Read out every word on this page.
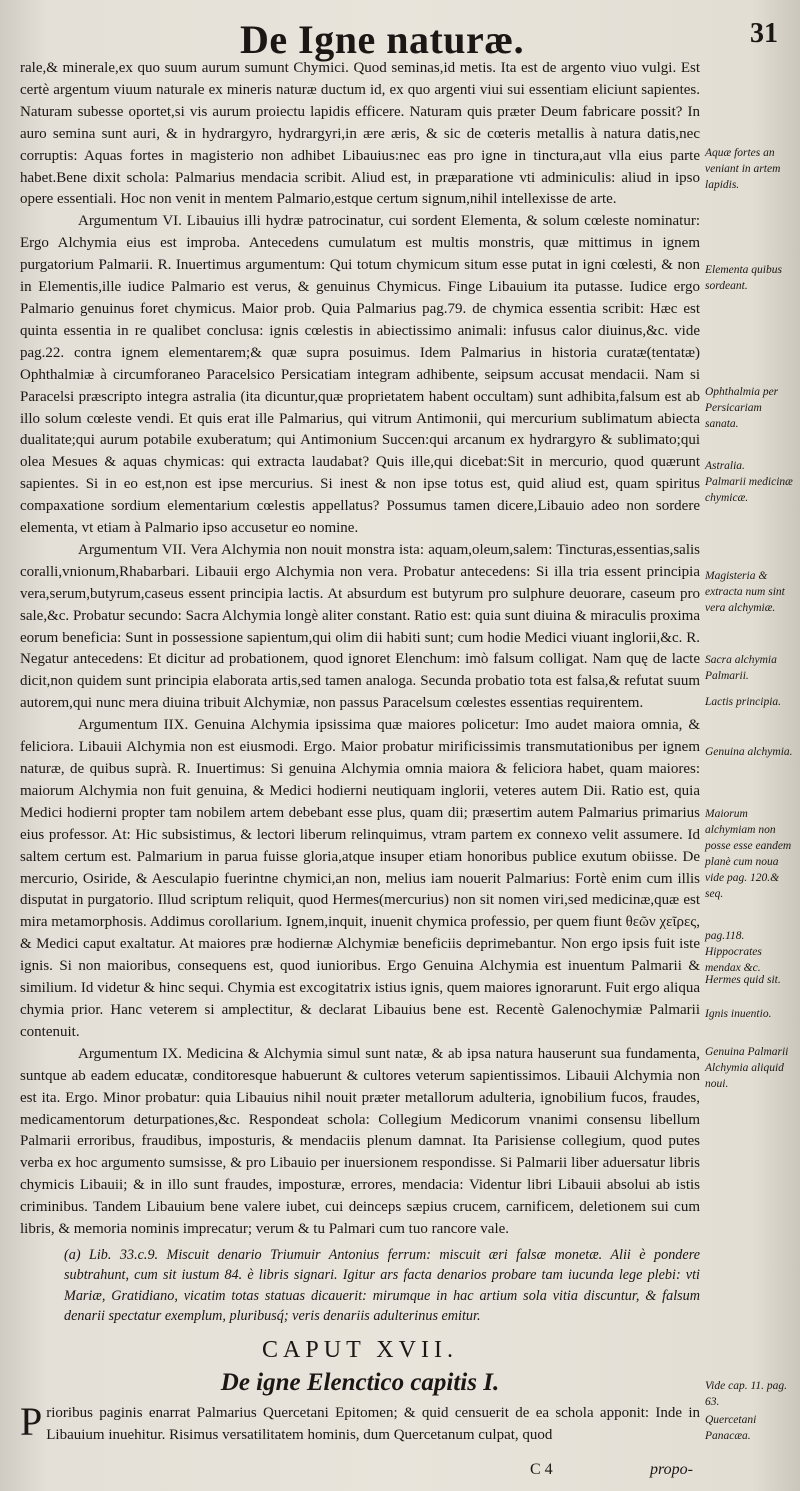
De Igne naturæ.	31

rale,& minerale,ex quo suum aurum sumunt Chymici. Quod seminas,id metis. Ita est de argento viuo vulgi. Est certè argentum viuum naturale ex mineris naturæ ductum id, ex quo argenti viui sui essentiam eliciunt sapientes. Naturam subesse oportet,si vis aurum proiectu lapidis efficere. Naturam quis præter Deum fabricare possit? In auro semina sunt auri, & in hydrargyro, hydrargyri,in ære æris, & sic de cœteris metallis à natura datis,nec corruptis: Aquas fortes in magisterio non adhibet Libauius:nec eas pro igne in tinctura,aut vlla eius parte habet.Bene dixit schola: Palmarius mendacia scribit. Aliud est, in præparatione vti adminiculis: aliud in ipso opere essentiali. Hoc non venit in mentem Palmario,estque certum signum,nihil intellexisse de arte.

Argumentum VI. Libauius illi hydræ patrocinatur, cui sordent Elementa, & solum cœleste nominatur: Ergo Alchymia eius est improba. Antecedens cumulatum est multis monstris, quæ mittimus in ignem purgatorium Palmarii. R. Inuertimus argumentum: Qui totum chymicum situm esse putat in igni cœlesti, & non in Elementis,ille iudice Palmario est verus, & genuinus Chymicus. Finge Libauium ita putasse. Iudice ergo Palmario genuinus foret chymicus. Maior prob. Quia Palmarius pag.79. de chymica essentia scribit: Hæc est quinta essentia in re qualibet conclusa: ignis cœlestis in abiectissimo animali: infusus calor diuinus,&c. vide pag.22. contra ignem elementarem;& quæ supra posuimus. Idem Palmarius in historia curatæ(tentatæ) Ophthalmiæ à circumforaneo Paracelsico Persicatiam integram adhibente, seipsum accusat mendacii. Nam si Paracelsi præscripto integra astralia (ita dicuntur,quæ proprietatem habent occultam) sunt adhibita,falsum est ab illo solum cœleste vendi. Et quis erat ille Palmarius, qui vitrum Antimonii, qui mercurium sublimatum abiecta dualitate;qui aurum potabile exuberatum; qui Antimonium Succen:qui arcanum ex hydrargyro & sublimato;qui olea Mesues & aquas chymicas: qui extracta laudabat? Quis ille,qui dicebat:Sit in mercurio, quod quærunt sapientes. Si in eo est,non est ipse mercurius. Si inest & non ipse totus est, quid aliud est, quam spiritus compaxatione sordium elementarium cœlestis appellatus? Possumus tamen dicere,Libauio adeo non sordere elementa, vt etiam à Palmario ipso accusetur eo nomine.

Argumentum VII. Vera Alchymia non nouit monstra ista: aquam,oleum,salem: Tincturas,essentias,salis coralli,vnionum,Rhabarbari. Libauii ergo Alchymia non vera. Probatur antecedens: Si illa tria essent principia vera,serum,butyrum,caseus essent principia lactis. At absurdum est butyrum pro sulphure deuorare, caseum pro sale,&c. Probatur secundo: Sacra Alchymia longè aliter constant. Ratio est: quia sunt diuina & miraculis proxima eorum beneficia: Sunt in possessione sapientum,qui olim dii habiti sunt; cum hodie Medici viuant inglorii,&c. R. Negatur antecedens: Et dicitur ad probationem, quod ignoret Elenchum: imò falsum colligat. Nam quę de lacte dicit,non quidem sunt principia elaborata artis,sed tamen analoga. Secunda probatio tota est falsa,& refutat suum autorem,qui nunc mera diuina tribuit Alchymiæ, non passus Paracelsum cœlestes essentias requirentem.

Argumentum IIX. Genuina Alchymia ipsissima quæ maiores policetur: Imo audet maiora omnia, & feliciora. Libauii Alchymia non est eiusmodi. Ergo. Maior probatur mirificissimis transmutationibus per ignem naturæ, de quibus suprà. R. Inuertimus: Si genuina Alchymia omnia maiora & feliciora habet, quam maiores: maiorum Alchymia non fuit genuina, & Medici hodierni neutiquam inglorii, veteres autem Dii. Ratio est, quia Medici hodierni propter tam nobilem artem debebant esse plus, quam dii; præsertim autem Palmarius primarius eius professor. At: Hic subsistimus, & lectori liberum relinquimus, vtram partem ex connexo velit assumere. Id saltem certum est. Palmarium in parua fuisse gloria,atque insuper etiam honoribus publice exutum obiisse. De mercurio, Osiride, & Aesculapio fuerintne chymici,an non, melius iam nouerit Palmarius: Fortè enim cum illis disputat in purgatorio. Illud scriptum reliquit, quod Hermes(mercurius) non sit nomen viri,sed medicinæ,quæ est mira metamorphosis. Addimus corollarium. Ignem,inquit, inuenit chymica professio, per quem fiunt θεῶν χεῖρες, & Medici caput exaltatur. At maiores præ hodiernæ Alchymiæ beneficiis deprimebantur. Non ergo ipsis fuit iste ignis. Si non maioribus, consequens est, quod iunioribus. Ergo Genuina Alchymia est inuentum Palmarii & similium. Id videtur & hinc sequi. Chymia est excogitatrix istius ignis, quem maiores ignorarunt. Fuit ergo aliqua chymia prior. Hanc veterem si amplectitur, & declarat Libauius bene est. Recentè Galenochymiæ Palmarii contenuit.

Argumentum IX. Medicina & Alchymia simul sunt natæ, & ab ipsa natura hauserunt sua fundamenta, suntque ab eadem educatæ, conditoresque habuerunt & cultores veterum sapientissimos. Libauii Alchymia non est ita. Ergo. Minor probatur: quia Libauius nihil nouit præter metallorum adulteria, ignobilium fucos, fraudes, medicamentorum deturpationes,&c. Respondeat schola: Collegium Medicorum vnanimi consensu libellum Palmarii erroribus, fraudibus, imposturis, & mendaciis plenum damnat. Ita Parisiense collegium, quod putes verba ex hoc argumento sumsisse, & pro Libauio per inuersionem respondisse. Si Palmarii liber aduersatur libris chymicis Libauii; & in illo sunt fraudes, imposturæ, errores, mendacia: Videntur libri Libauii absolui ab istis criminibus. Tandem Libauium bene valere iubet, cui deinceps sæpius crucem, carnificem, deletionem sui cum libris, & memoria nominis imprecatur; verum & tu Palmari cum tuo rancore vale.

(a) Lib. 33.c.9. Miscuit denario Triumuir Antonius ferrum: miscuit æri falsæ monetæ. Alii è pondere subtrahunt, cum sit iustum 84. è libris signari. Igitur ars facta denarios probare tam iucunda lege plebi: vti Mariæ, Gratidiano, vicatim totas statuas dicauerit: mirumque in hac artium sola vitia discuntur, & falsum denarii spectatur exemplum, pluribusq́; veris denariis adulterinus emitur.

CAPUT XVII.

De igne Elenctico capitis I.

Prioribus paginis enarrat Palmarius Quercetani Epitomen; & quid censuerit de ea schola apponit: Inde in Libauium inuehitur. Risimus versatilitatem hominis, dum Quercetanum culpat, quod

Aquæ fortes an veniant in artem lapidis.
Elementa quibus sordeant.
Ophthalmia per Persicariam sanata.
Astralia.
Palmarii medicinæ chymicæ.
Magisteria & extracta num sint vera alchymiæ.
Sacra alchymia Palmarii.
Lactis principia.
Genuina alchymia.
Maiorum alchymiam non posse esse eandem planè cum noua vide pag. 120.& seq.
pag.118. Hippocrates mendax &c.
Hermes quid sit.
Ignis inuentio.
Genuina Palmarii Alchymia aliquid noui.
Vide cap. 11. pag. 63.
Quercetani Panacæa.
C 4	propo-
